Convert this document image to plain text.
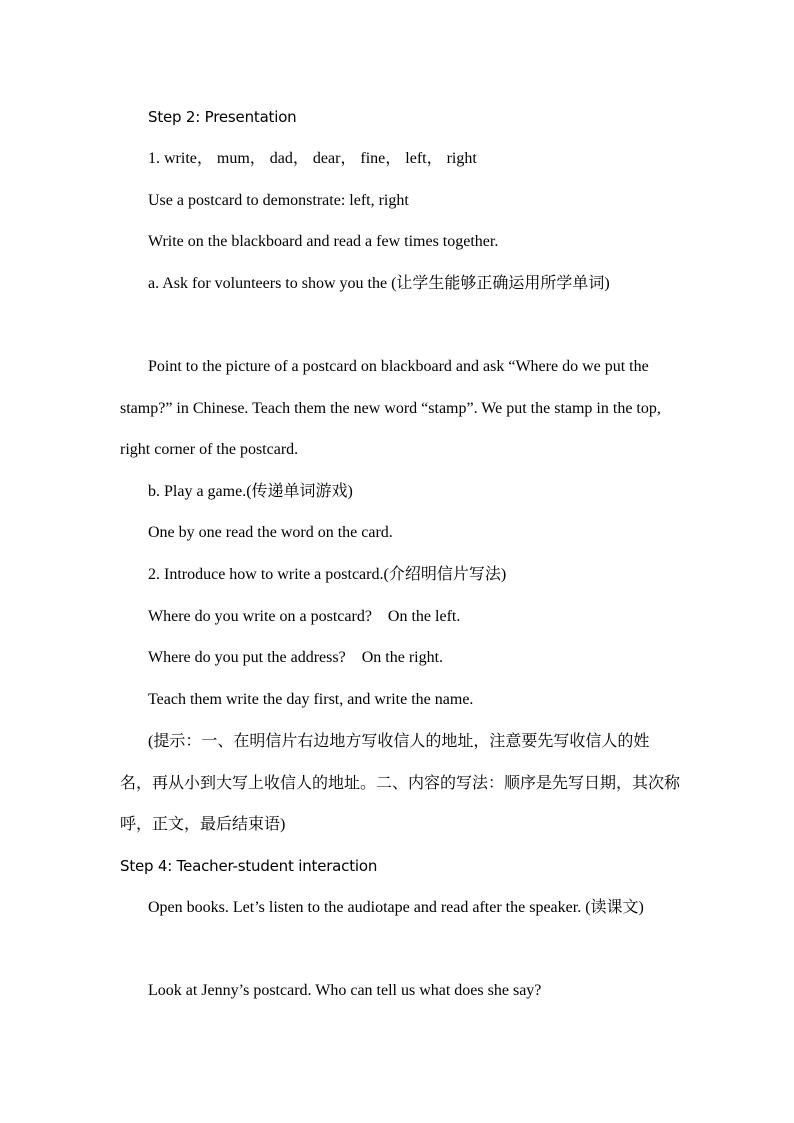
Step 2: Presentation
1. write， mum， dad， dear， fine， left， right
Use a postcard to demonstrate: left, right
Write on the blackboard and read a few times together.
a. Ask for volunteers to show you the (让学生能够正确运用所学单词)
Point to the picture of a postcard on blackboard and ask “Where do we put the stamp?” in Chinese. Teach them the new word “stamp”. We put the stamp in the top, right corner of the postcard.
b. Play a game.(传递单词游戏)
One by one read the word on the card.
2. Introduce how to write a postcard.(介绍明信片写法)
Where do you write on a postcard?　On the left.
Where do you put the address?　On the right.
Teach them write the day first, and write the name.
(提示：一、在明信片右边地方写收信人的地址，注意要先写收信人的姓名，再从小到大写上收信人的地址。二、内容的写法：顺序是先写日期，其次称呼，正文，最后结束语)
Step 4: Teacher-student interaction
Open books. Let’s listen to the audiotape and read after the speaker. (读课文)
Look at Jenny’s postcard. Who can tell us what does she say?
